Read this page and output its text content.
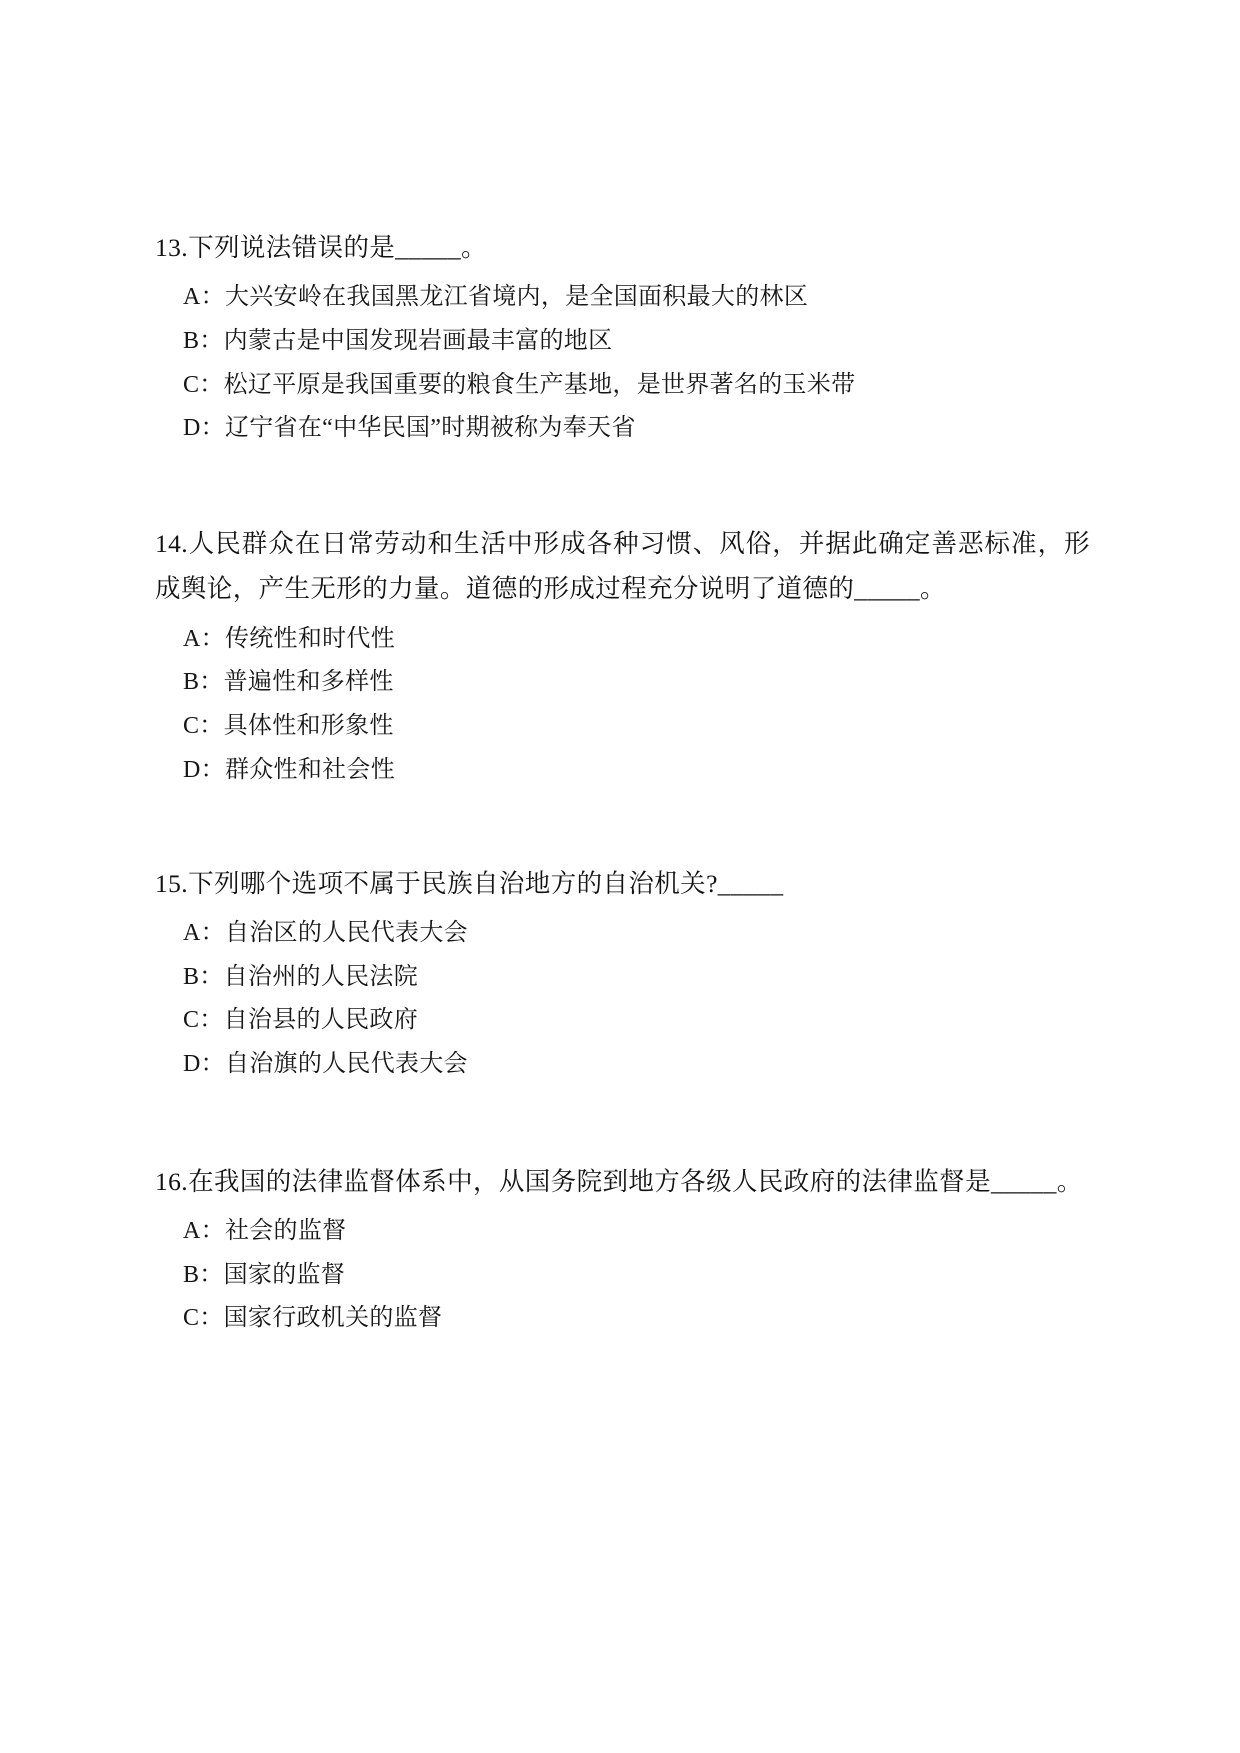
13.下列说法错误的是_____。

A：大兴安岭在我国黑龙江省境内，是全国面积最大的林区
B：内蒙古是中国发现岩画最丰富的地区
C：松辽平原是我国重要的粮食生产基地，是世界著名的玉米带
D：辽宁省在“中华民国”时期被称为奉天省

14.人民群众在日常劳动和生活中形成各种习惯、风俗，并据此确定善恶标准，形成舆论，产生无形的力量。道德的形成过程充分说明了道德的_____。

A：传统性和时代性
B：普遍性和多样性
C：具体性和形象性
D：群众性和社会性

15.下列哪个选项不属于民族自治地方的自治机关?_____

A：自治区的人民代表大会
B：自治州的人民法院
C：自治县的人民政府
D：自治旗的人民代表大会

16.在我国的法律监督体系中，从国务院到地方各级人民政府的法律监督是_____。

A：社会的监督
B：国家的监督
C：国家行政机关的监督
